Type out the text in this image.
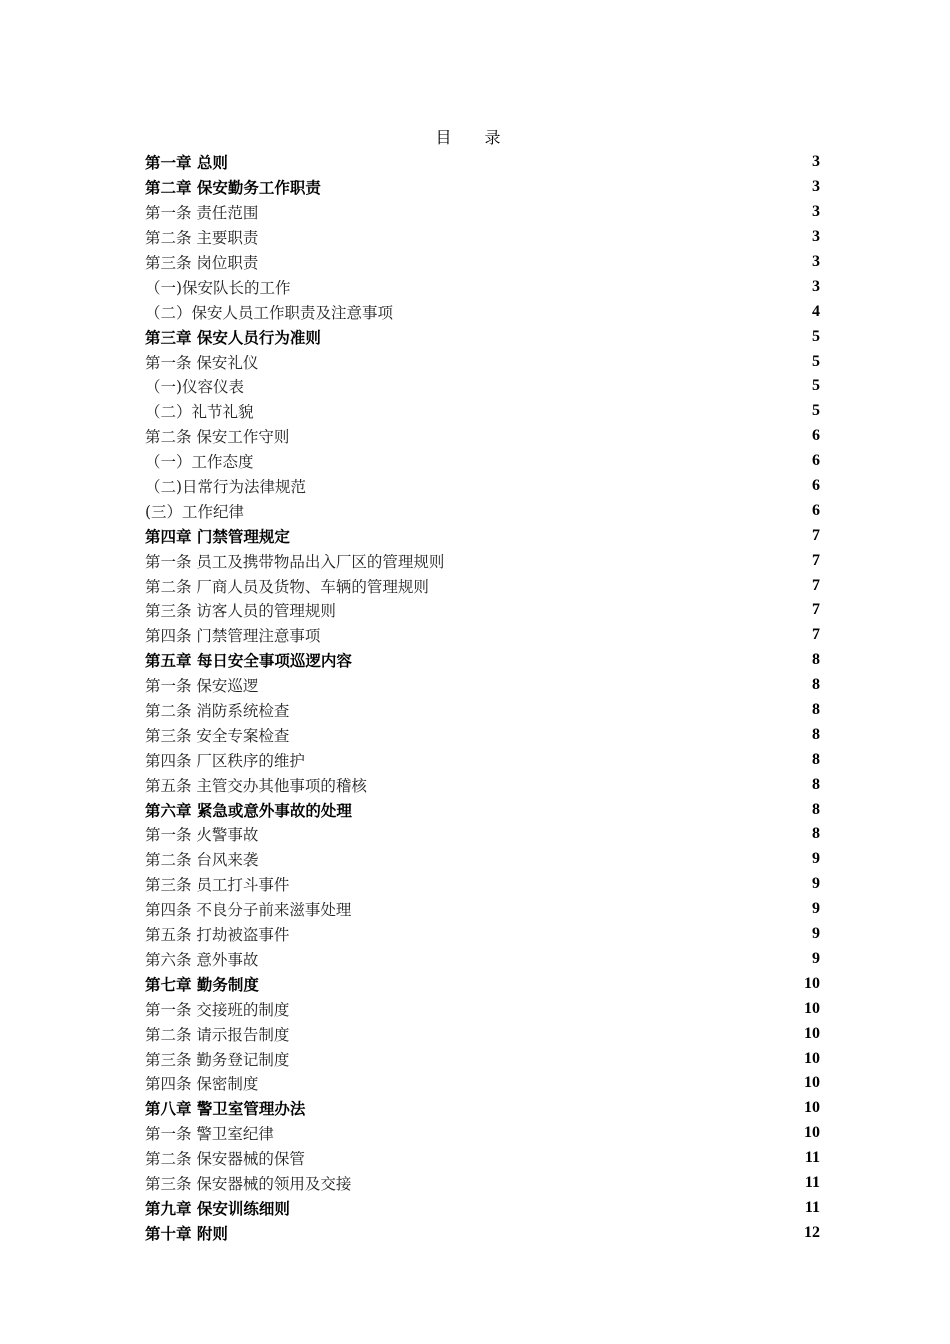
目 录
第一章 总则	3
第二章 保安勤务工作职责	3
第一条 责任范围	3
第二条 主要职责	3
第三条 岗位职责	3
（一)保安队长的工作	3
（二）保安人员工作职责及注意事项	4
第三章 保安人员行为准则	5
第一条 保安礼仪	5
（一)仪容仪表	5
（二）礼节礼貌	5
第二条 保安工作守则	6
（一）工作态度	6
（二)日常行为法律规范	6
(三）工作纪律	6
第四章 门禁管理规定	7
第一条 员工及携带物品出入厂区的管理规则	7
第二条 厂商人员及货物、车辆的管理规则	7
第三条 访客人员的管理规则	7
第四条 门禁管理注意事项	7
第五章 每日安全事项巡逻内容	8
第一条 保安巡逻	8
第二条 消防系统检查	8
第三条 安全专案检查	8
第四条 厂区秩序的维护	8
第五条 主管交办其他事项的稽核	8
第六章 紧急或意外事故的处理	8
第一条 火警事故	8
第二条 台风来袭	9
第三条 员工打斗事件	9
第四条 不良分子前来滋事处理	9
第五条 打劫被盗事件	9
第六条 意外事故	9
第七章 勤务制度	10
第一条 交接班的制度	10
第二条 请示报告制度	10
第三条 勤务登记制度	10
第四条 保密制度	10
第八章 警卫室管理办法	10
第一条 警卫室纪律	10
第二条 保安器械的保管	11
第三条 保安器械的领用及交接	11
第九章 保安训练细则	11
第十章 附则	12
